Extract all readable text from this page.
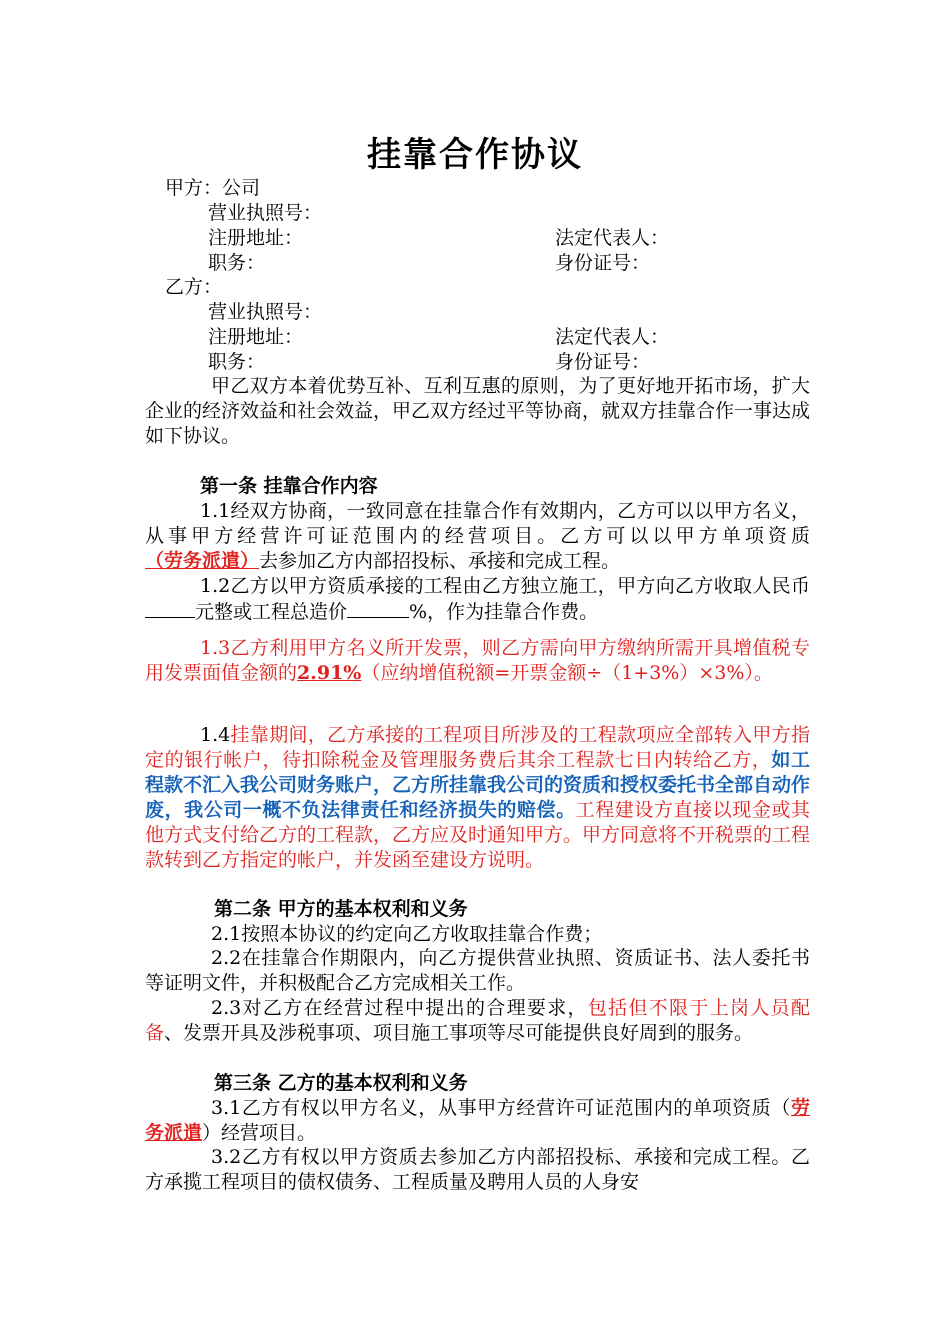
挂靠合作协议
甲方：公司
营业执照号：
注册地址：	法定代表人：
职务：	身份证号：
乙方：
营业执照号：
注册地址：	法定代表人：
职务：	身份证号：
甲乙双方本着优势互补、互利互惠的原则，为了更好地开拓市场，扩大企业的经济效益和社会效益，甲乙双方经过平等协商，就双方挂靠合作一事达成如下协议。
第一条 挂靠合作内容
1.1经双方协商，一致同意在挂靠合作有效期内，乙方可以以甲方名义，从事甲方经营许可证范围内的经营项目。乙方可以以甲方单项资质（劳务派遣）去参加乙方内部招投标、承接和完成工程。
1.2乙方以甲方资质承接的工程由乙方独立施工，甲方向乙方收取人民币元整或工程总造价	%，作为挂靠合作费。
1.3乙方利用甲方名义所开发票，则乙方需向甲方缴纳所需开具增值税专用发票面值金额的2.91%（应纳增值税额=开票金额÷（1+3%）×3%）。
1.4挂靠期间，乙方承接的工程项目所涉及的工程款项应全部转入甲方指定的银行帐户，待扣除税金及管理服务费后其余工程款七日内转给乙方，如工程款不汇入我公司财务账户，乙方所挂靠我公司的资质和授权委托书全部自动作废，我公司一概不负法律责任和经济损失的赔偿。工程建设方直接以现金或其他方式支付给乙方的工程款，乙方应及时通知甲方。甲方同意将不开税票的工程款转到乙方指定的帐户，并发函至建设方说明。
第二条 甲方的基本权利和义务
2.1按照本协议的约定向乙方收取挂靠合作费；
2.2在挂靠合作期限内，向乙方提供营业执照、资质证书、法人委托书等证明文件，并积极配合乙方完成相关工作。
2.3对乙方在经营过程中提出的合理要求，包括但不限于上岗人员配备、发票开具及涉税事项、项目施工事项等尽可能提供良好周到的服务。
第三条 乙方的基本权利和义务
3.1乙方有权以甲方名义，从事甲方经营许可证范围内的单项资质（劳务派遣）经营项目。
3.2乙方有权以甲方资质去参加乙方内部招投标、承接和完成工程。乙方承揽工程项目的债权债务、工程质量及聘用人员的人身安
